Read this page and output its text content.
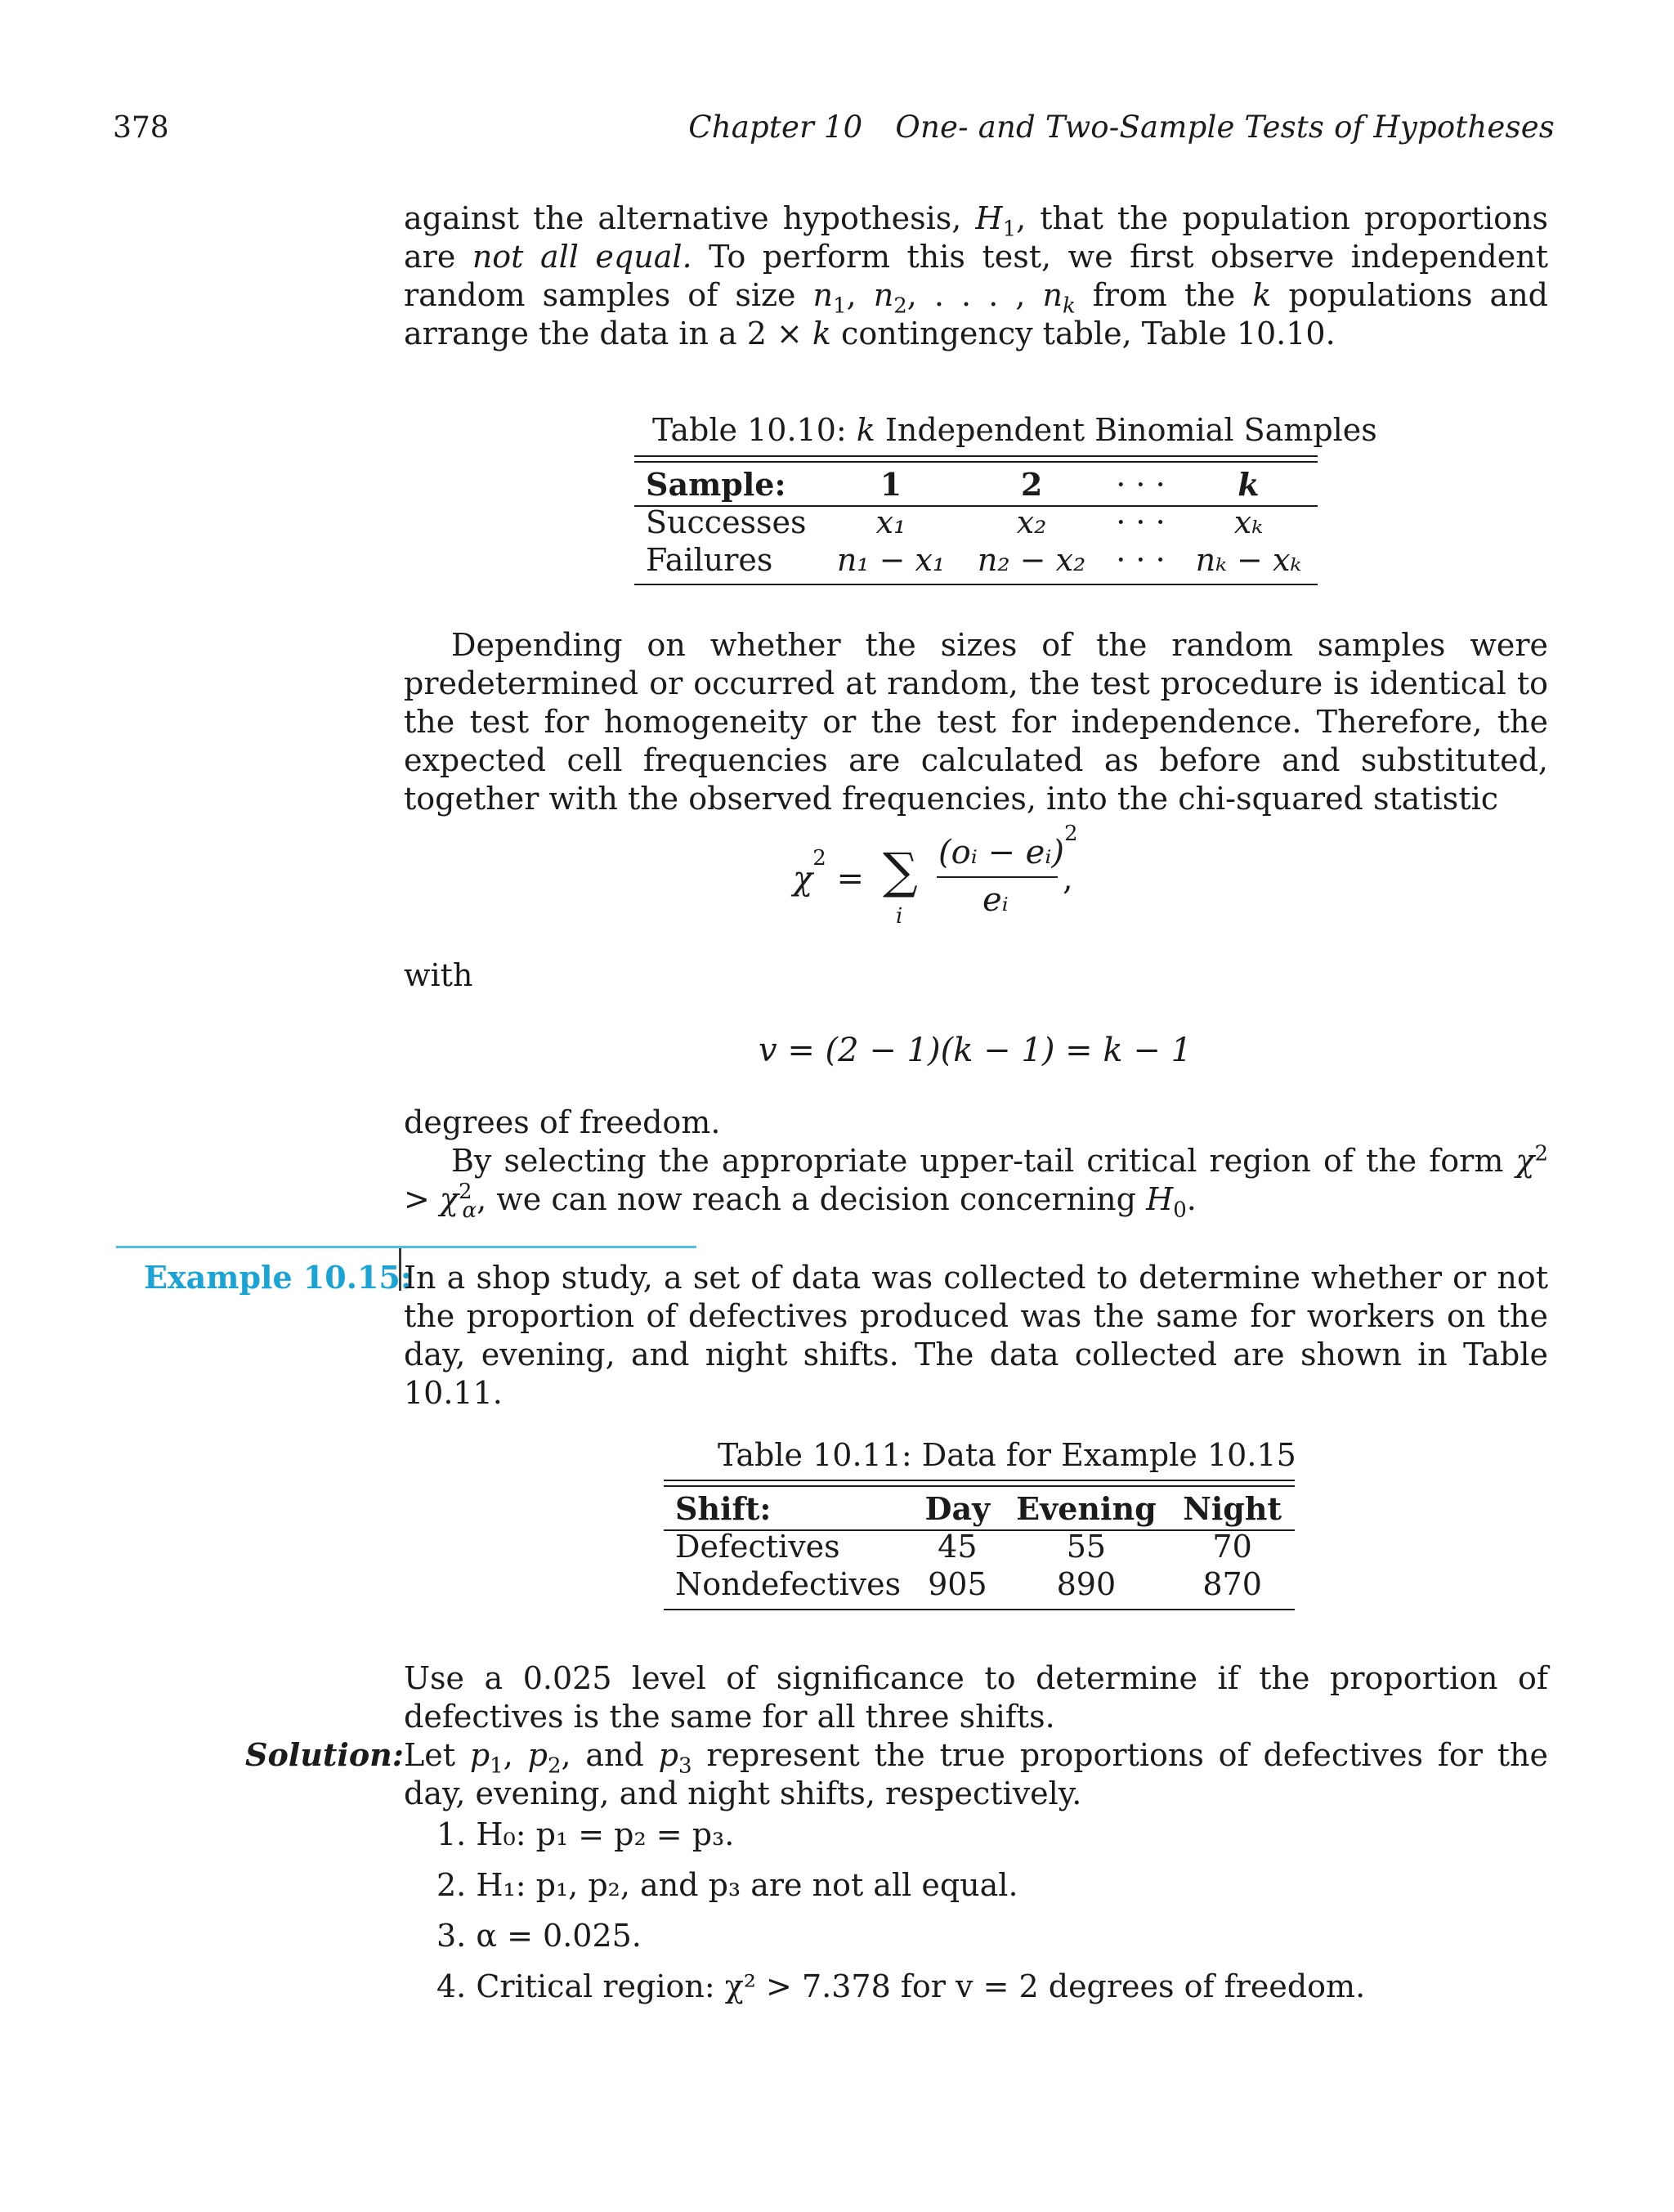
378	Chapter 10 One- and Two-Sample Tests of Hypotheses
against the alternative hypothesis, $H_1$, that the population proportions are not all equal. To perform this test, we first observe independent random samples of size $n_1$, $n_2$, . . . , $n_k$ from the k populations and arrange the data in a 2 × k contingency table, Table 10.10.
Table 10.10: k Independent Binomial Samples
Sample:	1	2	· · ·	k
Successes	x₁	x₂	· · ·	xₖ
Failures	n₁ − x₁	n₂ − x₂	· · ·	nₖ − xₖ
Depending on whether the sizes of the random samples were predetermined or occurred at random, the test procedure is identical to the test for homogeneity or the test for independence. Therefore, the expected cell frequencies are calculated as before and substituted, together with the observed frequencies, into the chi-squared statistic
$\chi^2$ = ∑
i
(oᵢ − eᵢ)$^2$
eᵢ
,
with
v = (2 − 1)(k − 1) = k − 1
degrees of freedom.
By selecting the appropriate upper-tail critical region of the form $\chi^2 > \chi^2_\alpha$, we can now reach a decision concerning $H_0$.
Example 10.15:
In a shop study, a set of data was collected to determine whether or not the proportion of defectives produced was the same for workers on the day, evening, and night shifts. The data collected are shown in Table 10.11.
Table 10.11: Data for Example 10.15
Shift:	Day	Evening	Night
Defectives	45	55	70
Nondefectives	905	890	870
Use a 0.025 level of significance to determine if the proportion of defectives is the same for all three shifts.
Solution: Let $p_1$, $p_2$, and $p_3$ represent the true proportions of defectives for the day, evening, and night shifts, respectively.
1. H₀: p₁ = p₂ = p₃.
2. H₁: p₁, p₂, and p₃ are not all equal.
3. α = 0.025.
4. Critical region: χ² > 7.378 for v = 2 degrees of freedom.
